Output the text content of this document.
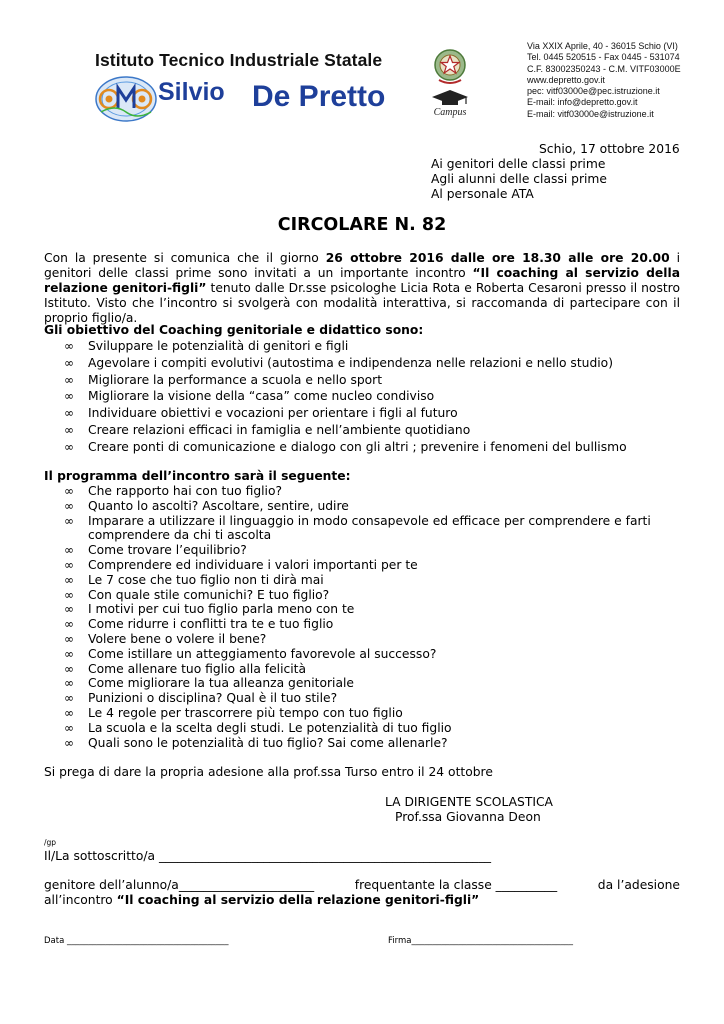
Istituto Tecnico Industriale Statale
Silvio De Pretto	Campus
Via XXIX Aprile, 40 - 36015 Schio (VI)
Tel. 0445 520515 - Fax 0445 - 531074
C.F. 83002350243 - C.M. VITF03000E
www.depretto.gov.it
pec: vitf03000e@pec.istruzione.it
E-mail: info@depretto.gov.it
E-mail: vitf03000e@istruzione.it
Schio, 17 ottobre 2016
Ai genitori delle classi prime
Agli alunni delle classi prime
Al personale ATA
CIRCOLARE N. 82
Con la presente si comunica che il giorno 26 ottobre 2016 dalle ore 18.30 alle ore 20.00 i genitori delle classi prime sono invitati a un importante incontro “Il coaching al servizio della relazione genitori-figli” tenuto dalle Dr.sse psicologhe Licia Rota e Roberta Cesaroni presso il nostro Istituto. Visto che l’incontro si svolgerà con modalità interattiva, si raccomanda di partecipare con il proprio figlio/a.
Gli obiettivo del Coaching genitoriale e didattico sono:
∞ Sviluppare le potenzialità di genitori e figli
∞ Agevolare i compiti evolutivi (autostima e indipendenza nelle relazioni e nello studio)
∞ Migliorare la performance a scuola e nello sport
∞ Migliorare la visione della “casa” come nucleo condiviso
∞ Individuare obiettivi e vocazioni per orientare i figli al futuro
∞ Creare relazioni efficaci in famiglia e nell’ambiente quotidiano
∞ Creare ponti di comunicazione e dialogo con gli altri ; prevenire i fenomeni del bullismo
Il programma dell’incontro sarà il seguente:
∞ Che rapporto hai con tuo figlio?
∞ Quanto lo ascolti? Ascoltare, sentire, udire
∞ Imparare a utilizzare il linguaggio in modo consapevole ed efficace per comprendere e farti comprendere da chi ti ascolta
∞ Come trovare l’equilibrio?
∞ Comprendere ed individuare i valori importanti per te
∞ Le 7 cose che tuo figlio non ti dirà mai
∞ Con quale stile comunichi? E tuo figlio?
∞ I motivi per cui tuo figlio parla meno con te
∞ Come ridurre i conflitti tra te e tuo figlio
∞ Volere bene o volere il bene?
∞ Come istillare un atteggiamento favorevole al successo?
∞ Come allenare tuo figlio alla felicità
∞ Come migliorare la tua alleanza genitoriale
∞ Punizioni o disciplina? Qual è il tuo stile?
∞ Le 4 regole per trascorrere più tempo con tuo figlio
∞ La scuola e la scelta degli studi. Le potenzialità di tuo figlio
∞ Quali sono le potenzialità di tuo figlio? Sai come allenarle?
Si prega di dare la propria adesione alla prof.ssa Turso entro il 24 ottobre
LA DIRIGENTE SCOLASTICA
Prof.ssa Giovanna Deon
/gp
Il/La sottoscritto/a ______________________________________________________
genitore dell’alunno/a______________________	frequentante la classe __________	da l’adesione
all’incontro “Il coaching al servizio della relazione genitori-figli”
Data ______________________________________	Firma______________________________________
